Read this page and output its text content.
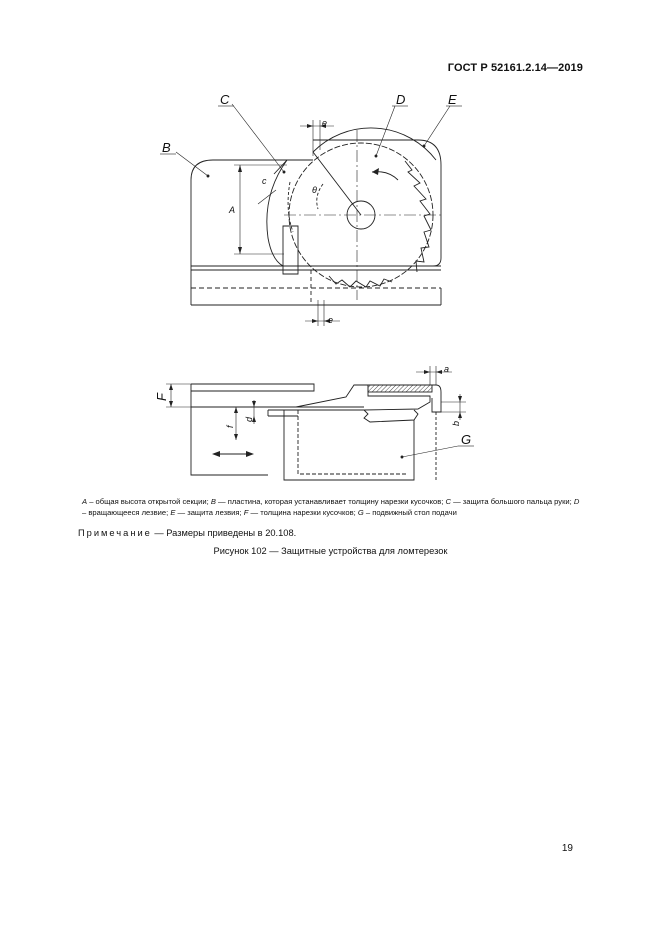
ГОСТ Р 52161.2.14—2019
B
C	D	E
A
c
e
e
θ
F
G
a
b
d
f
A – общая высота открытой секции; B — пластина, которая устанавливает толщину нарезки кусочков; C — защита большого пальца руки; D – вращающееся лезвие; E — защита лезвия; F — толщина нарезки кусочков; G – подвижный стол подачи
Примечание — Размеры приведены в 20.108.
Рисунок 102 — Защитные устройства для ломтерезок
19
